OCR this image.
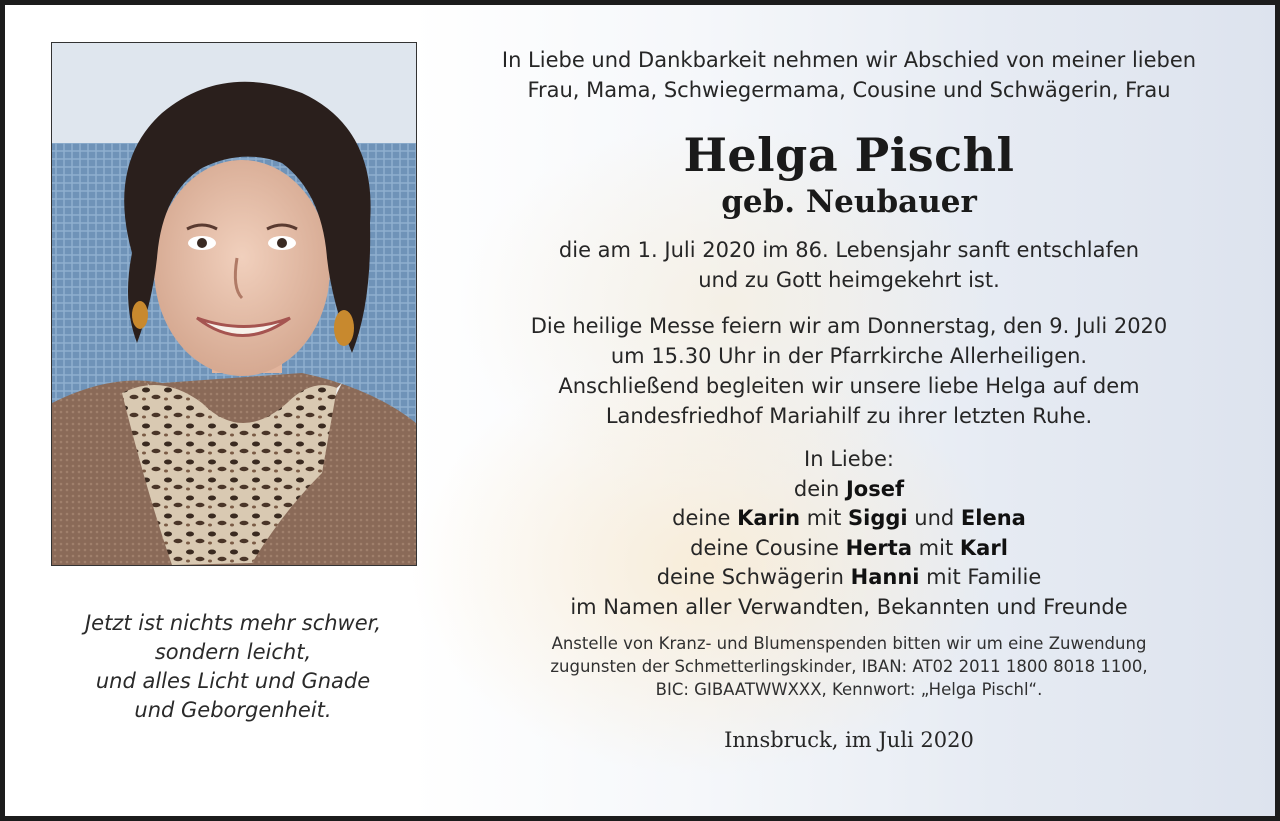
Jetzt ist nichts mehr schwer,
sondern leicht,
und alles Licht und Gnade
und Geborgenheit.
In Liebe und Dankbarkeit nehmen wir Abschied von meiner lieben
Frau, Mama, Schwiegermama, Cousine und Schwägerin, Frau
Helga Pischl
geb. Neubauer
die am 1. Juli 2020 im 86. Lebensjahr sanft entschlafen
und zu Gott heimgekehrt ist.
Die heilige Messe feiern wir am Donnerstag, den 9. Juli 2020
um 15.30 Uhr in der Pfarrkirche Allerheiligen.
Anschließend begleiten wir unsere liebe Helga auf dem
Landesfriedhof Mariahilf zu ihrer letzten Ruhe.
In Liebe:
dein Josef
deine Karin mit Siggi und Elena
deine Cousine Herta mit Karl
deine Schwägerin Hanni mit Familie
im Namen aller Verwandten, Bekannten und Freunde
Anstelle von Kranz- und Blumenspenden bitten wir um eine Zuwendung
zugunsten der Schmetterlingskinder, IBAN: AT02 2011 1800 8018 1100,
BIC: GIBAATWWXXX, Kennwort: „Helga Pischl“.
Innsbruck, im Juli 2020
